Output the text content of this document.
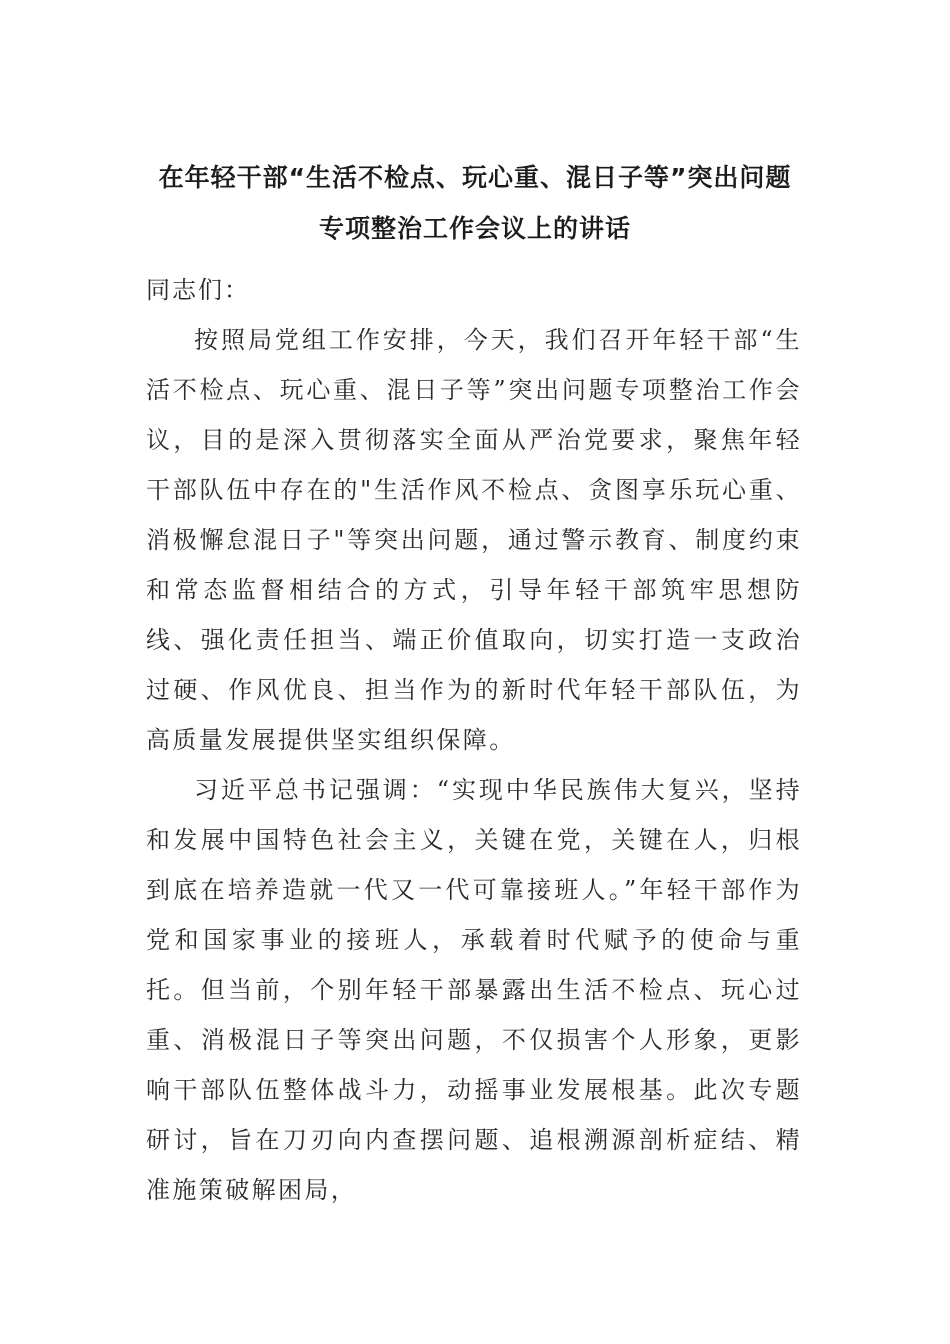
在年轻干部“生活不检点、玩心重、混日子等”突出问题
专项整治工作会议上的讲话
同志们：

按照局党组工作安排，今天，我们召开年轻干部“生活不检点、玩心重、混日子等”突出问题专项整治工作会议，目的是深入贯彻落实全面从严治党要求，聚焦年轻干部队伍中存在的"生活作风不检点、贪图享乐玩心重、消极懈怠混日子"等突出问题，通过警示教育、制度约束和常态监督相结合的方式，引导年轻干部筑牢思想防线、强化责任担当、端正价值取向，切实打造一支政治过硬、作风优良、担当作为的新时代年轻干部队伍，为高质量发展提供坚实组织保障。

习近平总书记强调：“实现中华民族伟大复兴，坚持和发展中国特色社会主义，关键在党，关键在人，归根到底在培养造就一代又一代可靠接班人。”年轻干部作为党和国家事业的接班人，承载着时代赋予的使命与重托。但当前，个别年轻干部暴露出生活不检点、玩心过重、消极混日子等突出问题，不仅损害个人形象，更影响干部队伍整体战斗力，动摇事业发展根基。此次专题研讨，旨在刀刃向内查摆问题、追根溯源剖析症结、精准施策破解困局，
